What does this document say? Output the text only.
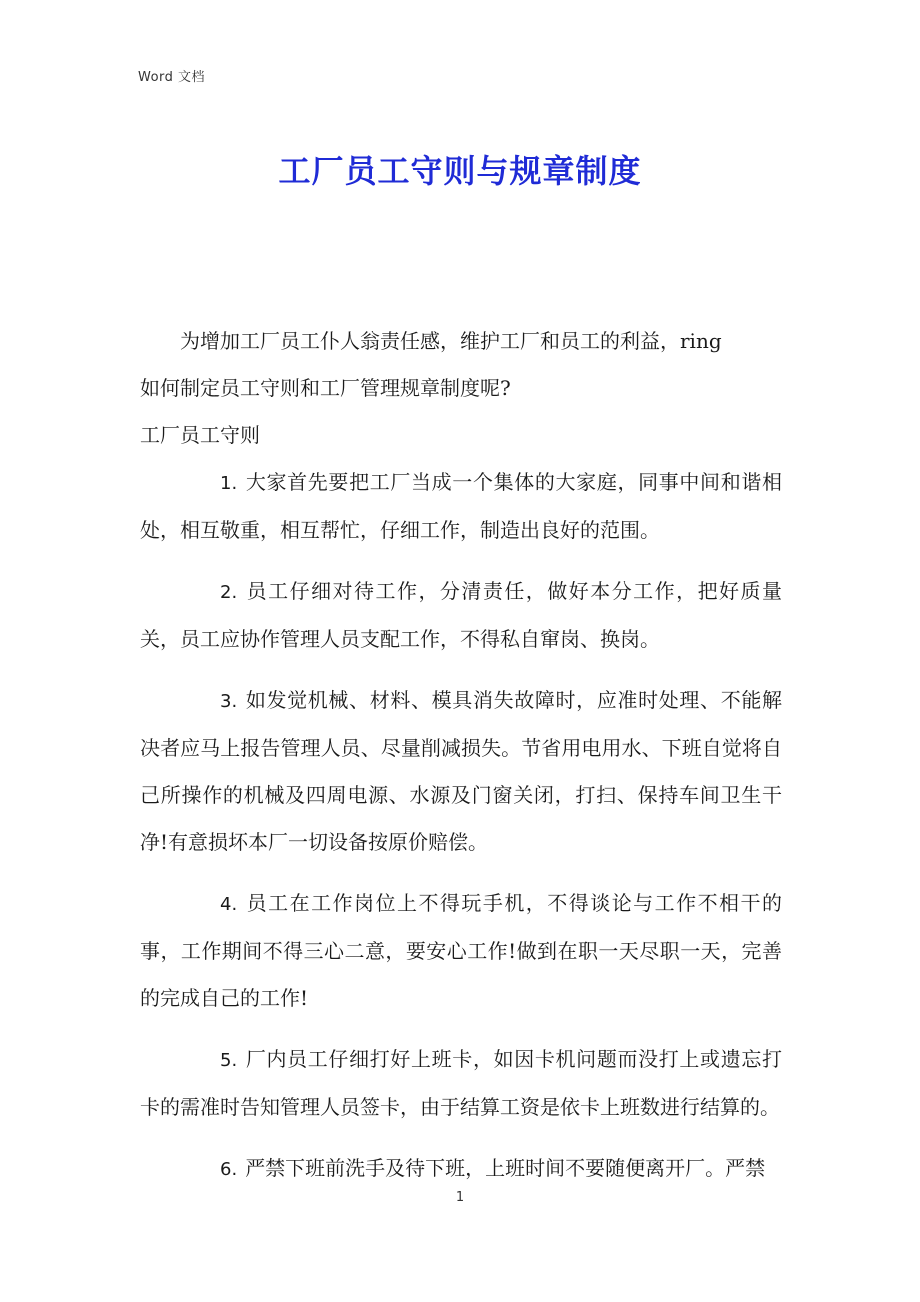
Word 文档
工厂员工守则与规章制度

为增加工厂员工仆人翁责任感，维护工厂和员工的利益，ring

如何制定员工守则和工厂管理规章制度呢?

工厂员工守则

1. 大家首先要把工厂当成一个集体的大家庭，同事中间和谐相处，相互敬重，相互帮忙，仔细工作，制造出良好的范围。

2. 员工仔细对待工作，分清责任，做好本分工作，把好质量关，员工应协作管理人员支配工作，不得私自窜岗、换岗。

3. 如发觉机械、材料、模具消失故障时，应准时处理、不能解决者应马上报告管理人员、尽量削减损失。节省用电用水、下班自觉将自己所操作的机械及四周电源、水源及门窗关闭，打扫、保持车间卫生干净!有意损坏本厂一切设备按原价赔偿。

4. 员工在工作岗位上不得玩手机，不得谈论与工作不相干的事，工作期间不得三心二意，要安心工作!做到在职一天尽职一天，完善的完成自己的工作!

5. 厂内员工仔细打好上班卡，如因卡机问题而没打上或遗忘打卡的需准时告知管理人员签卡，由于结算工资是依卡上班数进行结算的。

6. 严禁下班前洗手及待下班，上班时间不要随便离开厂。严禁

1
